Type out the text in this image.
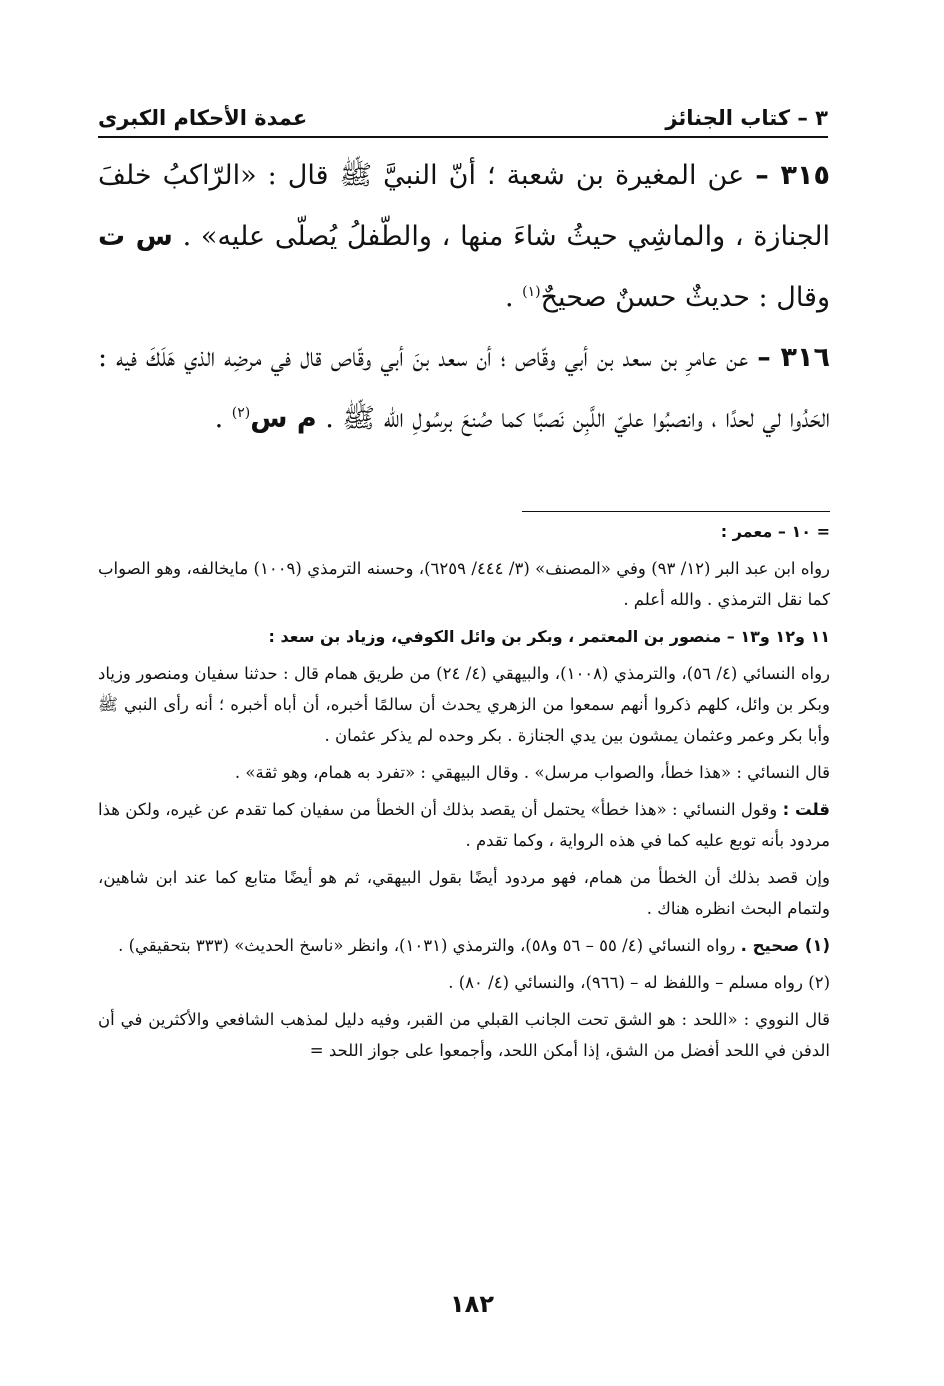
٣ – كتاب الجنائز
عمدة الأحكام الكبرى
٣١٥ – عن المغيرة بن شعبة ؛ أنّ النبيَّ ﷺ قال : «الرّاكبُ خلفَ الجنازة ، والماشِي حيثُ شاءَ منها ، والطّفلُ يُصلّى عليه» . س ت وقال : حديثٌ حسنٌ صحيحٌ$^{(١)}$ .
٣١٦ – عن عامرِ بن سعد بن أبي وقّاص ؛ أن سعد بنَ أبي وقّاص قال في مرضِه الذي هَلَكَ فيه : الحَدُوا لي لحدًا ، وانصبُوا عليّ اللَّبِن نَصبًا كما صُنعَ برسُولِ الله ﷺ . م س$^{(٢)}$ .

= ١٠ – معمر :

رواه ابن عبد البر (١٢/ ٩٣) وفي «المصنف» (٣/ ٤٤٤/ ٦٢٥٩)، وحسنه الترمذي (١٠٠٩) مايخالفه، وهو الصواب كما نقل الترمذي . والله أعلم .

١١ و١٢ و١٣ – منصور بن المعتمر ، وبكر بن وائل الكوفي، وزياد بن سعد :

رواه النسائي (٤/ ٥٦)، والترمذي (١٠٠٨)، والبيهقي (٤/ ٢٤) من طريق همام قال : حدثنا سفيان ومنصور وزياد وبكر بن وائل، كلهم ذكروا أنهم سمعوا من الزهري يحدث أن سالمًا أخبره، أن أباه أخبره ؛ أنه رأى النبي ﷺ وأبا بكر وعمر وعثمان يمشون بين يدي الجنازة . بكر وحده لم يذكر عثمان .

قال النسائي : «هذا خطأ، والصواب مرسل» . وقال البيهقي : «تفرد به همام، وهو ثقة» .

قلت : وقول النسائي : «هذا خطأ» يحتمل أن يقصد بذلك أن الخطأ من سفيان كما تقدم عن غيره، ولكن هذا مردود بأنه توبع عليه كما في هذه الرواية ، وكما تقدم .

وإن قصد بذلك أن الخطأ من همام، فهو مردود أيضًا بقول البيهقي، ثم هو أيضًا متابع كما عند ابن شاهين، ولتمام البحث انظره هناك .

(١) صحيح . رواه النسائي (٤/ ٥٥ – ٥٦ و٥٨)، والترمذي (١٠٣١)، وانظر «ناسخ الحديث» (٣٣٣ بتحقيقي) .

(٢) رواه مسلم – واللفظ له – (٩٦٦)، والنسائي (٤/ ٨٠) .

قال النووي : «اللحد : هو الشق تحت الجانب القبلي من القبر، وفيه دليل لمذهب الشافعي والأكثرين في أن الدفن في اللحد أفضل من الشق، إذا أمكن اللحد، وأجمعوا على جواز اللحد =

١٨٢
